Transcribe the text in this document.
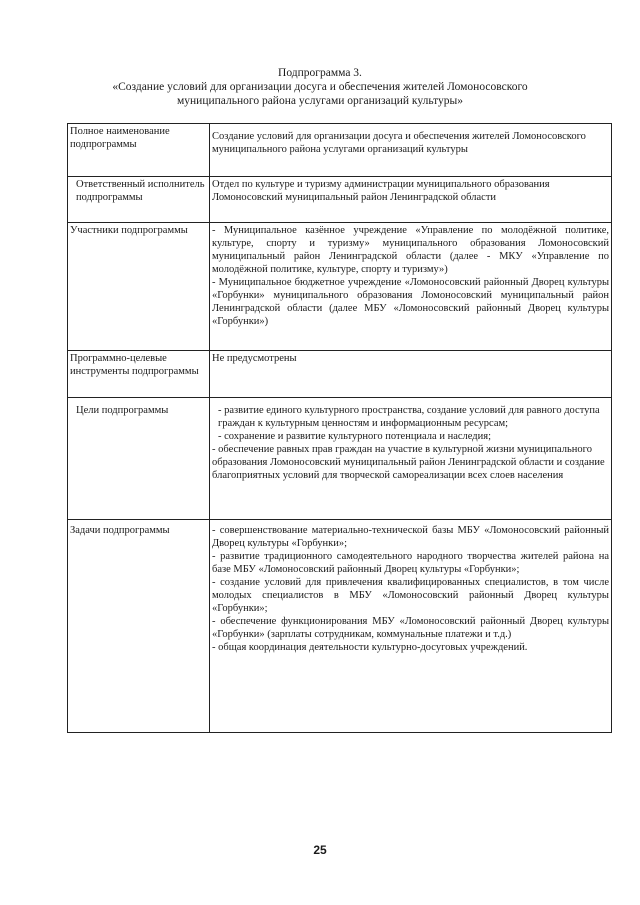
Подпрограмма 3.
«Создание условий для организации досуга и обеспечения жителей Ломоносовского муниципального района услугами организаций культуры»
Полное наименование подпрограммы	Создание условий для организации досуга и обеспечения жителей Ломоносовского муниципального района услугами организаций культуры

Ответственный исполнитель подпрограммы	Отдел по культуре и туризму администрации муниципального образования Ломоносовский муниципальный район Ленинградской области

Участники подпрограммы	- Муниципальное казённое учреждение «Управление по молодёжной политике, культуре, спорту и туризму» муниципального образования Ломоносовский муниципальный район Ленинградской области (далее - МКУ «Управление по молодёжной политике, культуре, спорту и туризму»)
- Муниципальное бюджетное учреждение «Ломоносовский районный Дворец культуры «Горбунки» муниципального образования Ломоносовский муниципальный район Ленинградской области (далее МБУ «Ломоносовский районный Дворец культуры «Горбунки»)

Программно-целевые инструменты подпрограммы	Не предусмотрены

Цели подпрограммы	- развитие единого культурного пространства, создание условий для равного доступа граждан к культурным ценностям и информационным ресурсам;
- сохранение и развитие культурного потенциала и наследия;
- обеспечение равных прав граждан на участие в культурной жизни муниципального образования Ломоносовский муниципальный район Ленинградской области и создание благоприятных условий для творческой самореализации всех слоев населения

Задачи подпрограммы	- совершенствование материально-технической базы МБУ «Ломоносовский районный Дворец культуры «Горбунки»;
- развитие традиционного самодеятельного народного творчества жителей района на базе МБУ «Ломоносовский районный Дворец культуры «Горбунки»;
- создание условий для привлечения квалифицированных специалистов, в том числе молодых специалистов в МБУ «Ломоносовский районный Дворец культуры «Горбунки»;
- обеспечение функционирования МБУ «Ломоносовский районный Дворец культуры «Горбунки» (зарплаты сотрудникам, коммунальные платежи и т.д.)
- общая координация деятельности культурно-досуговых учреждений.
25
